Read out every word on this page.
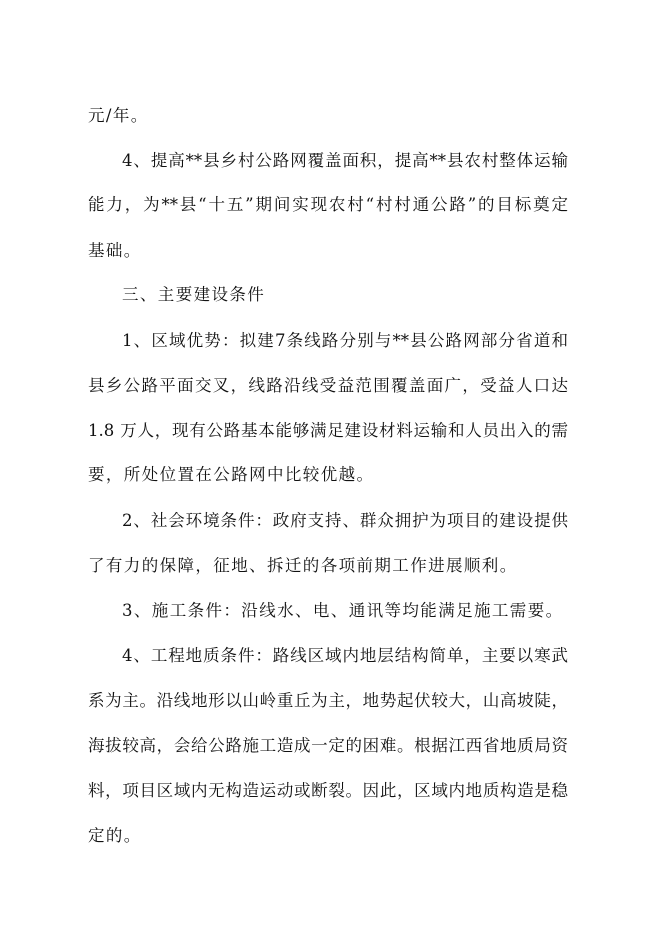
元/年。
4、提高**县乡村公路网覆盖面积，提高**县农村整体运输
能力，为**县“十五”期间实现农村“村村通公路”的目标奠定
基础。
三、主要建设条件
1、区域优势：拟建7条线路分别与**县公路网部分省道和
县乡公路平面交叉，线路沿线受益范围覆盖面广，受益人口达
1.8 万人，现有公路基本能够满足建设材料运输和人员出入的需
要，所处位置在公路网中比较优越。
2、社会环境条件：政府支持、群众拥护为项目的建设提供
了有力的保障，征地、拆迁的各项前期工作进展顺利。
3、施工条件：沿线水、电、通讯等均能满足施工需要。
4、工程地质条件：路线区域内地层结构简单，主要以寒武
系为主。沿线地形以山岭重丘为主，地势起伏较大，山高坡陡，
海拔较高，会给公路施工造成一定的困难。根据江西省地质局资
料，项目区域内无构造运动或断裂。因此，区域内地质构造是稳
定的。
